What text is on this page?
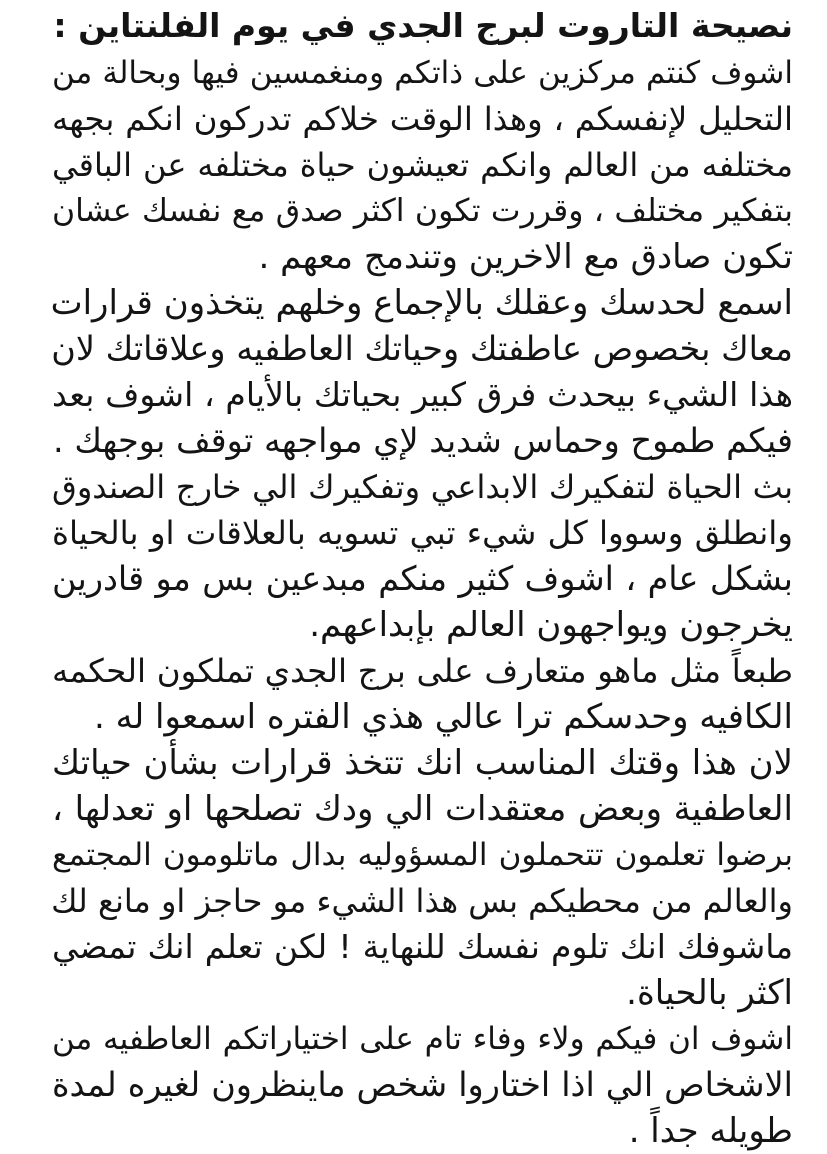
نصيحة التاروت لبرج الجدي في يوم الفلنتاين :
اشوف كنتم مركزين على ذاتكم ومنغمسين فيها وبحالة من
التحليل لإنفسكم ، وهذا الوقت خلاكم تدركون انكم بجهه
مختلفه من العالم وانكم تعيشون حياة مختلفه عن الباقي
بتفكير مختلف ، وقررت تكون اكثر صدق مع نفسك عشان
تكون صادق مع الاخرين وتندمج معهم .
اسمع لحدسك وعقلك بالإجماع وخلهم يتخذون قرارات
معاك بخصوص عاطفتك وحياتك العاطفيه وعلاقاتك لان
هذا الشيء بيحدث فرق كبير بحياتك بالأيام ، اشوف بعد
فيكم طموح وحماس شديد لإي مواجهه توقف بوجهك .
بث الحياة لتفكيرك الابداعي وتفكيرك الي خارج الصندوق
وانطلق وسووا كل شيء تبي تسويه بالعلاقات او بالحياة
بشكل عام ، اشوف كثير منكم مبدعين بس مو قادرين
يخرجون ويواجهون العالم بإبداعهم.
طبعاً مثل ماهو متعارف على برج الجدي تملكون الحكمه
الكافيه وحدسكم ترا عالي هذي الفتره اسمعوا له .
لان هذا وقتك المناسب انك تتخذ قرارات بشأن حياتك
العاطفية وبعض معتقدات الي ودك تصلحها او تعدلها ،
برضوا تعلمون تتحملون المسؤوليه بدال ماتلومون المجتمع
والعالم من محطيكم بس هذا الشيء مو حاجز او مانع لك
ماشوفك انك تلوم نفسك للنهاية ! لكن تعلم انك تمضي
اكثر بالحياة.
اشوف ان فيكم ولاء وفاء تام على اختياراتكم العاطفيه من
الاشخاص الي اذا اختاروا شخص ماينظرون لغيره لمدة
طويله جداً .
